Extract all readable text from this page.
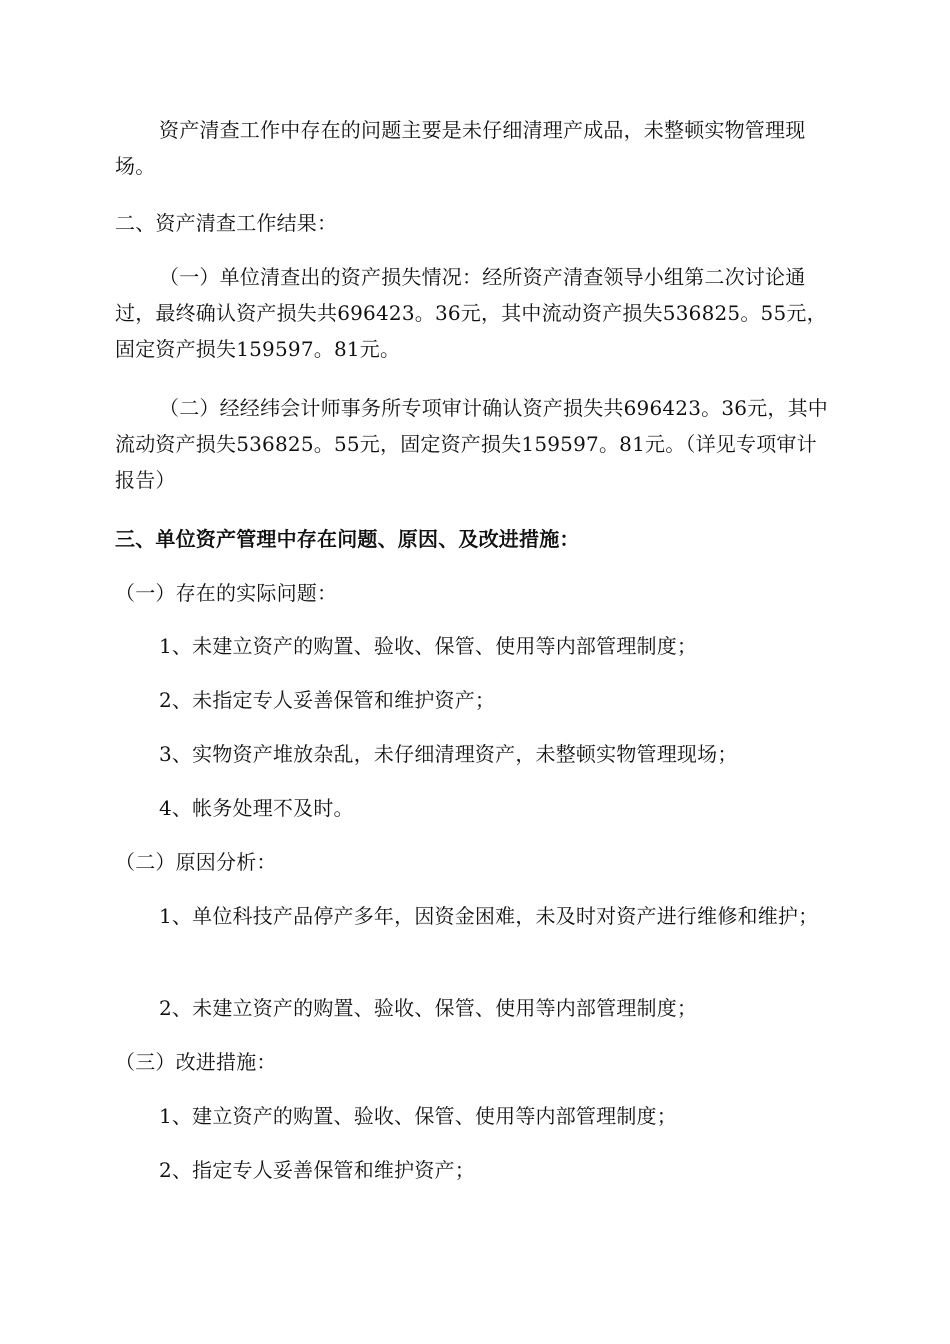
资产清查工作中存在的问题主要是未仔细清理产成品，未整顿实物管理现场。

二、资产清查工作结果：

（一）单位清查出的资产损失情况：经所资产清查领导小组第二次讨论通过，最终确认资产损失共696423。36元，其中流动资产损失536825。55元，固定资产损失159597。81元。

（二）经经纬会计师事务所专项审计确认资产损失共696423。36元，其中流动资产损失536825。55元，固定资产损失159597。81元。（详见专项审计报告）

三、单位资产管理中存在问题、原因、及改进措施：

（一）存在的实际问题：

1、未建立资产的购置、验收、保管、使用等内部管理制度；

2、未指定专人妥善保管和维护资产；

3、实物资产堆放杂乱，未仔细清理资产，未整顿实物管理现场；

4、帐务处理不及时。

（二）原因分析：

1、单位科技产品停产多年，因资金困难，未及时对资产进行维修和维护；

2、未建立资产的购置、验收、保管、使用等内部管理制度；

（三）改进措施：

1、建立资产的购置、验收、保管、使用等内部管理制度；

2、指定专人妥善保管和维护资产；
